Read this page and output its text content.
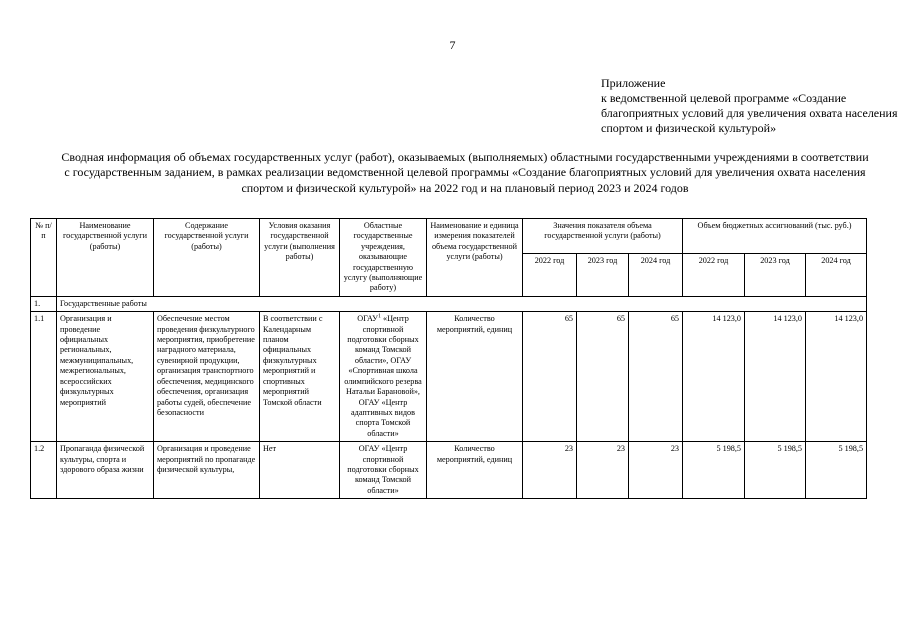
7
Приложение
к ведомственной целевой программе «Создание благоприятных условий для увеличения охвата населения спортом и физической культурой»
Сводная информация об объемах государственных услуг (работ), оказываемых (выполняемых) областными государственными учреждениями в соответствии с государственным заданием, в рамках реализации ведомственной целевой программы «Создание благоприятных условий для увеличения охвата населения спортом и физической культурой» на 2022 год и на плановый период 2023 и 2024 годов
№ п/п	Наименование государственной услуги (работы)	Содержание государственной услуги (работы)	Условия оказания государственной услуги (выполнения работы)	Областные государственные учреждения, оказывающие государственную услугу (выполняющие работу)	Наименование и единица измерения показателей объема государственной услуги (работы)	Значения показателя объема государственной услуги (работы)			Объем бюджетных ассигнований (тыс. руб.)		
						2022 год	2023 год	2024 год	2022 год	2023 год	2024 год
1.	Государственные работы										
1.1	Организация и проведение официальных региональных, межмуниципальных, межрегиональных, всероссийских физкультурных мероприятий	Обеспечение местом проведения физкультурного мероприятия, приобретение наградного материала, сувенирной продукции, организация транспортного обеспечения, медицинского обеспечения, организация работы судей, обеспечение безопасности	В соответствии с Календарным планом официальных физкультурных мероприятий и спортивных мероприятий Томской области	ОГАУ$^1$ «Центр спортивной подготовки сборных команд Томской области», ОГАУ «Спортивная школа олимпийского резерва Натальи Барановой», ОГАУ «Центр адаптивных видов спорта Томской области»	Количество мероприятий, единиц	65	65	65	14 123,0	14 123,0	14 123,0
1.2	Пропаганда физической культуры, спорта и здорового образа жизни	Организация и проведение мероприятий по пропаганде физической культуры,	Нет	ОГАУ «Центр спортивной подготовки сборных команд Томской области»	Количество мероприятий, единиц	23	23	23	5 198,5	5 198,5	5 198,5
